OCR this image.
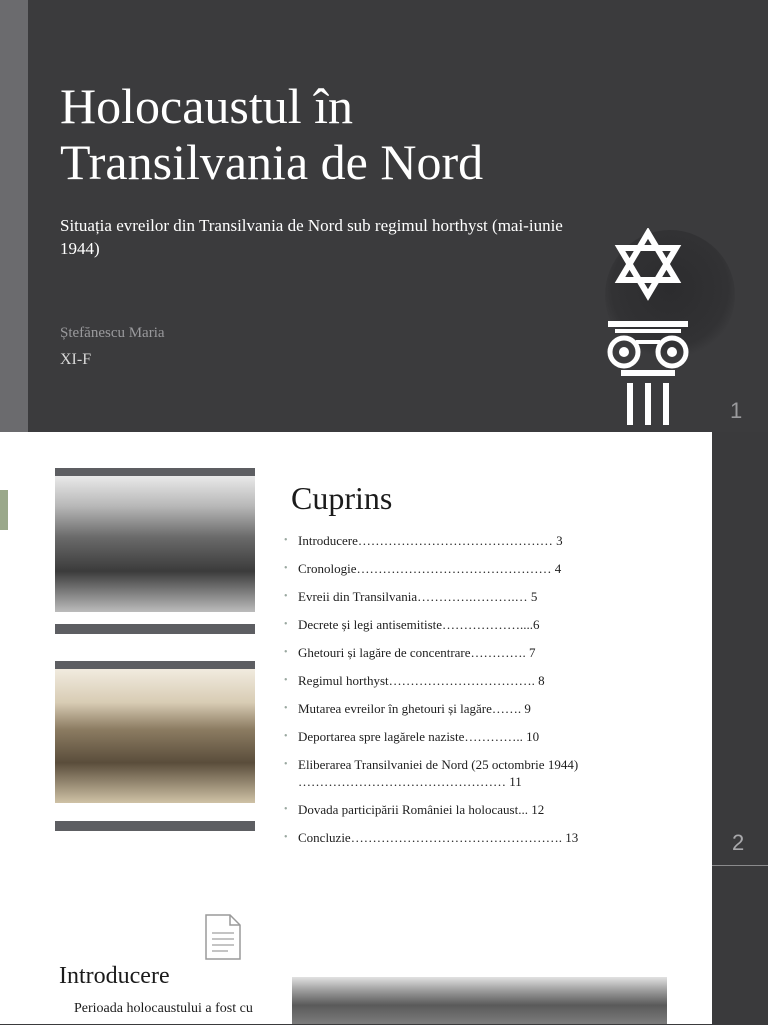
Holocaustul în
Transilvania de Nord
Situația evreilor din Transilvania de Nord sub regimul horthyst (mai-iunie 1944)
Ștefănescu Maria
XI-F
1
2
Cuprins
• Introducere……………………………………… 3
• Cronologie……………………………………… 4
• Evreii din Transilvania………….……….… 5
• Decrete și legi antisemitiste………………....6
• Ghetouri și lagăre de concentrare…………. 7
• Regimul horthyst……………………………. 8
• Mutarea evreilor în ghetouri și lagăre……. 9
• Deportarea spre lagărele naziste………….. 10
• Eliberarea Transilvaniei de Nord (25 octombrie 1944) ………………………………………… 11
• Dovada participării României la holocaust... 12
• Concluzie…………………………………………. 13
Introducere
Perioada holocaustului a fost cu
